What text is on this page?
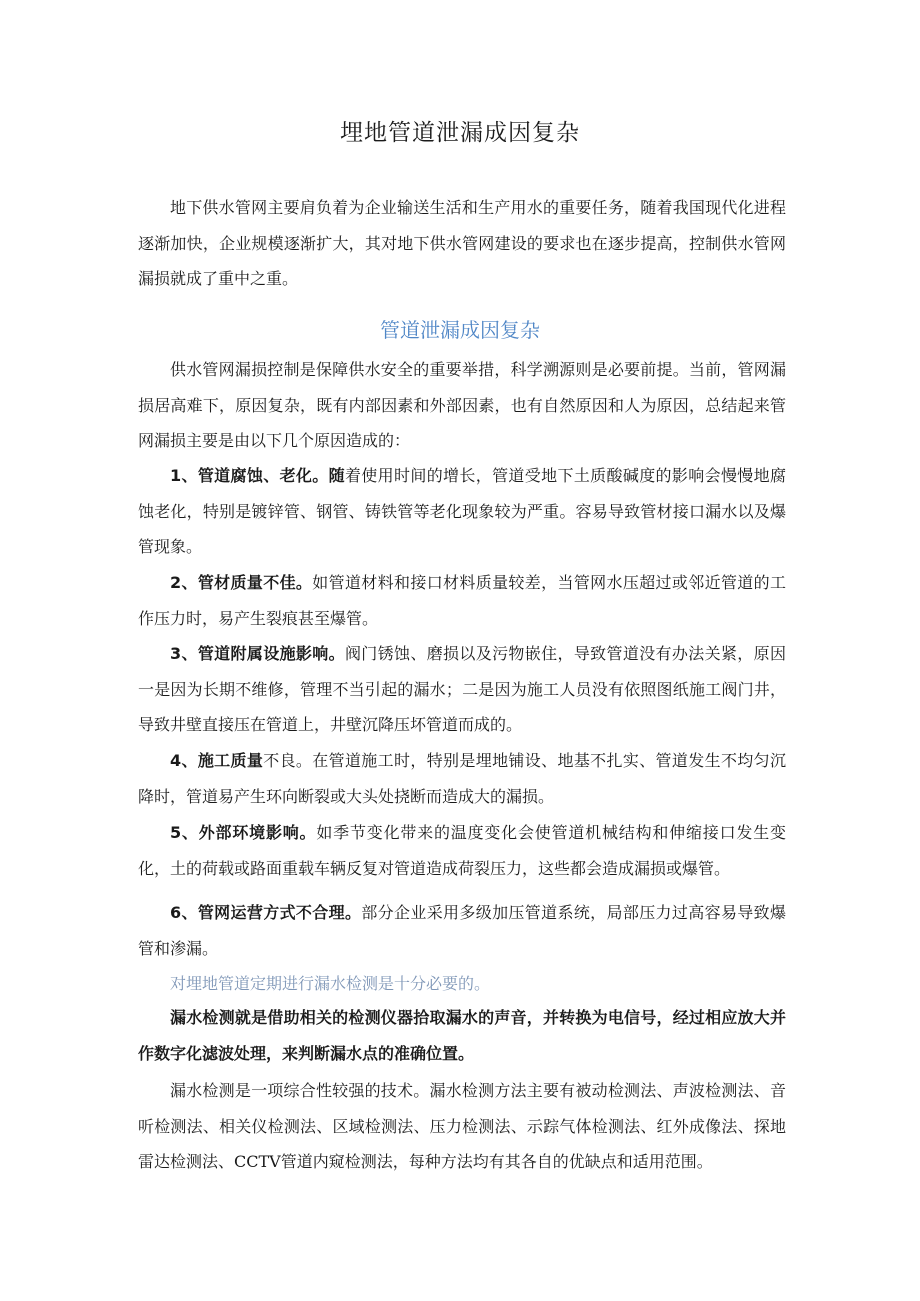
埋地管道泄漏成因复杂

地下供水管网主要肩负着为企业输送生活和生产用水的重要任务，随着我国现代化进程逐渐加快，企业规模逐渐扩大，其对地下供水管网建设的要求也在逐步提高，控制供水管网漏损就成了重中之重。

管道泄漏成因复杂

供水管网漏损控制是保障供水安全的重要举措，科学溯源则是必要前提。当前，管网漏损居高难下，原因复杂，既有内部因素和外部因素，也有自然原因和人为原因，总结起来管网漏损主要是由以下几个原因造成的：

1、管道腐蚀、老化。随着使用时间的增长，管道受地下土质酸碱度的影响会慢慢地腐蚀老化，特别是镀锌管、钢管、铸铁管等老化现象较为严重。容易导致管材接口漏水以及爆管现象。

2、管材质量不佳。如管道材料和接口材料质量较差，当管网水压超过或邻近管道的工作压力时，易产生裂痕甚至爆管。

3、管道附属设施影响。阀门锈蚀、磨损以及污物嵌住，导致管道没有办法关紧，原因一是因为长期不维修，管理不当引起的漏水；二是因为施工人员没有依照图纸施工阀门井，导致井壁直接压在管道上，井壁沉降压坏管道而成的。

4、施工质量不良。在管道施工时，特别是埋地铺设、地基不扎实、管道发生不均匀沉降时，管道易产生环向断裂或大头处挠断而造成大的漏损。

5、外部环境影响。如季节变化带来的温度变化会使管道机械结构和伸缩接口发生变化，土的荷载或路面重载车辆反复对管道造成荷裂压力，这些都会造成漏损或爆管。

6、管网运营方式不合理。部分企业采用多级加压管道系统，局部压力过高容易导致爆管和渗漏。

对埋地管道定期进行漏水检测是十分必要的。

漏水检测就是借助相关的检测仪器拾取漏水的声音，并转换为电信号，经过相应放大并作数字化滤波处理，来判断漏水点的准确位置。

漏水检测是一项综合性较强的技术。漏水检测方法主要有被动检测法、声波检测法、音听检测法、相关仪检测法、区域检测法、压力检测法、示踪气体检测法、红外成像法、探地雷达检测法、CCTV管道内窥检测法，每种方法均有其各自的优缺点和适用范围。
